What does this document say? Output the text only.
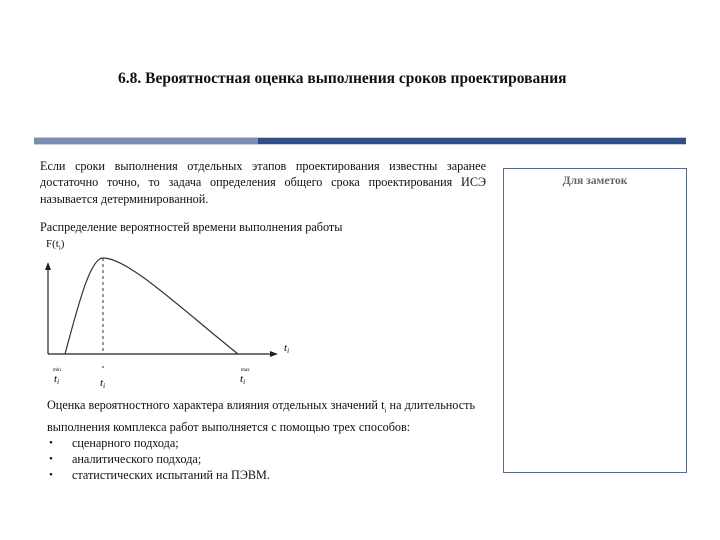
6.8. Вероятностная оценка выполнения сроков проектирования
Если сроки выполнения отдельных этапов проектирования известны заранее достаточно точно, то задача определения общего срока проектирования ИСЭ называется детерминированной.
Распределение вероятностей времени выполнения работы
ti
min
ti	ti
max
ti
$F(t_i)$
Оценка вероятностного характера влияния отдельных значений $t_i$ на длительность выполнения комплекса работ выполняется с помощью трех способов:
• сценарного подхода;
• аналитического подхода;
• статистических испытаний на ПЭВМ.
Для заметок
